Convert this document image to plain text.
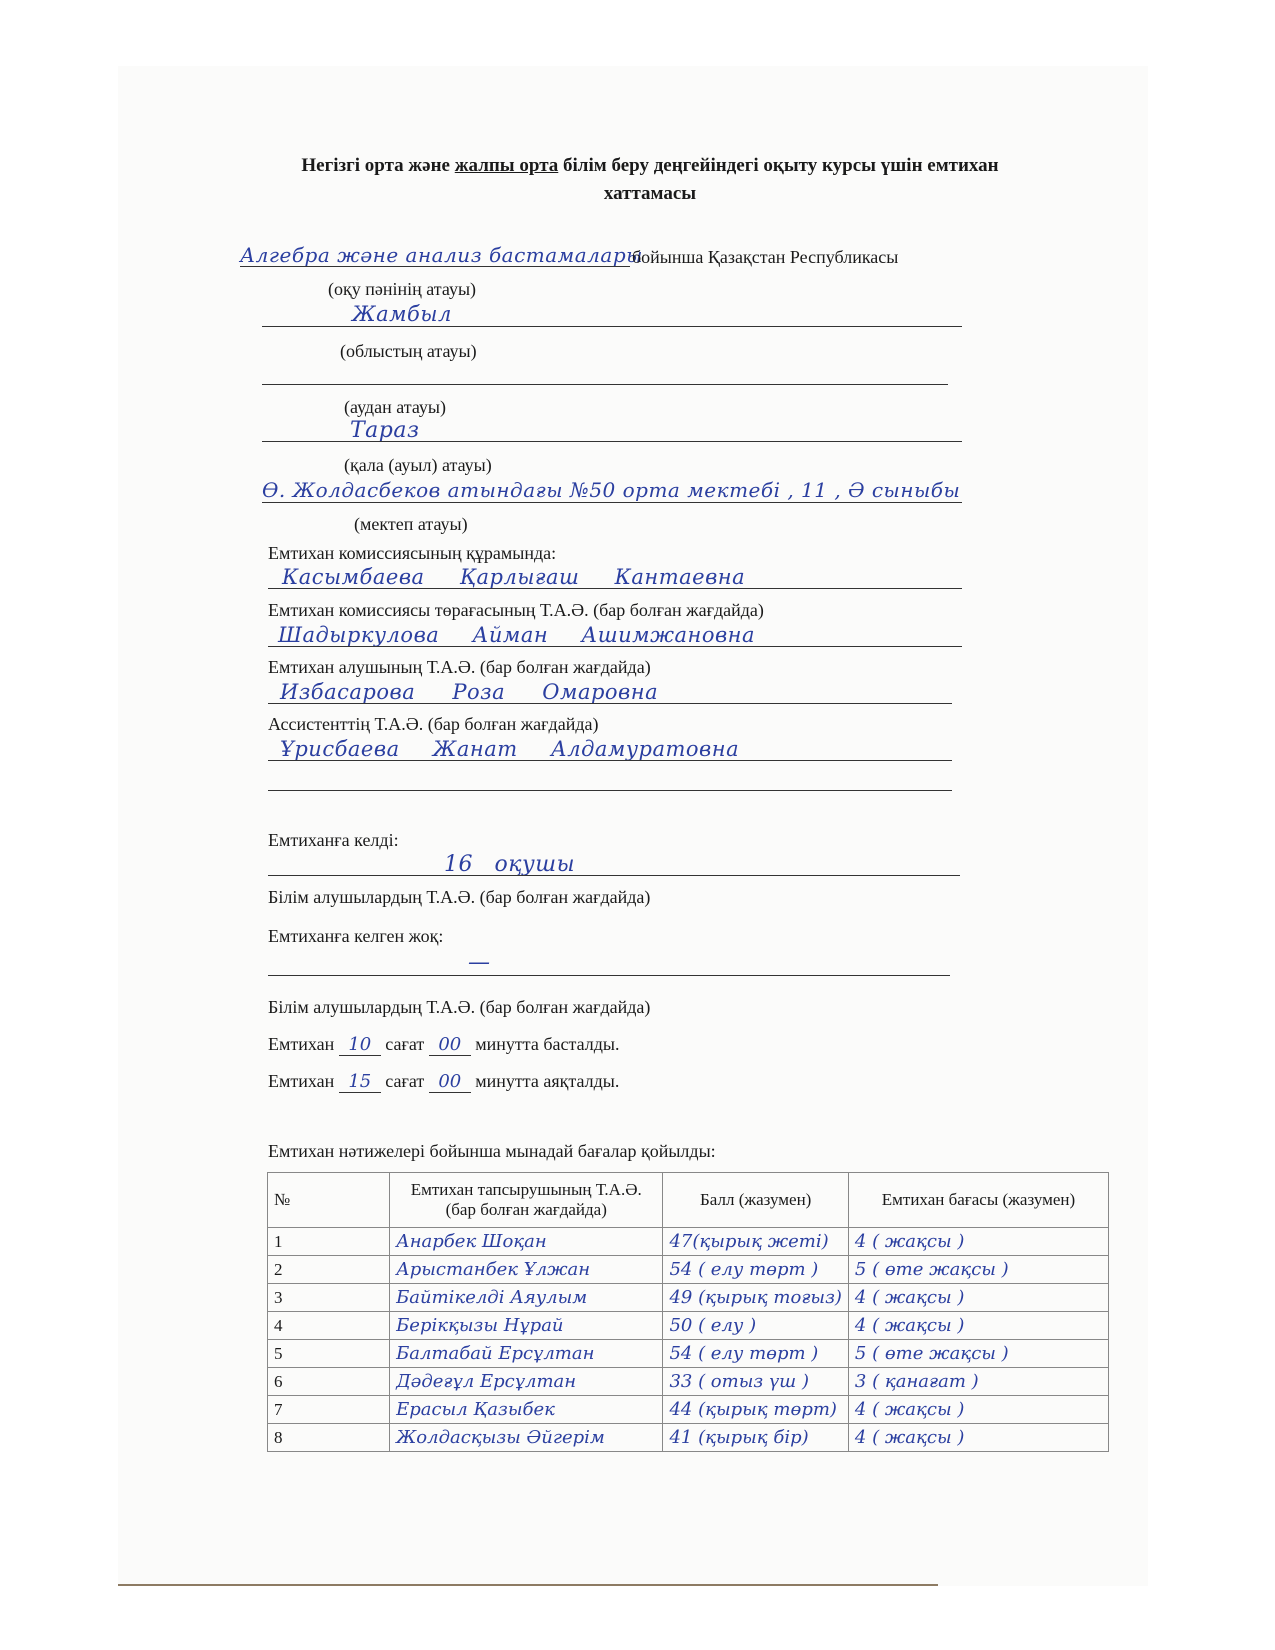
Негізгі орта және жалпы орта білім беру деңгейіндегі оқыту курсы үшін емтихан
хаттамасы
Алгебра және анализ бастамалары
бойынша Қазақстан Республикасы
(оқу пәнінің атауы)
Жамбыл
(облыстың атауы)
(аудан атауы)
Тараз
(қала (ауыл) атауы)
Ө. Жолдасбеков атындағы №50 орта мектебі , 11 , Ә сыныбы
(мектеп атауы)
Емтихан комиссиясының құрамында:
Касымбаева Қарлығаш Кантаевна
Емтихан комиссиясы төрағасының Т.А.Ә. (бар болған жағдайда)
Шадыркулова Айман Ашимжановна
Емтихан алушының Т.А.Ә. (бар болған жағдайда)
Избасарова Роза Омаровна
Ассистенттің Т.А.Ә. (бар болған жағдайда)
Ұрисбаева Жанат Алдамуратовна
Емтиханға келді:
16 оқушы
Білім алушылардың Т.А.Ә. (бар болған жағдайда)
Емтиханға келген жоқ:
—
Білім алушылардың Т.А.Ә. (бар болған жағдайда)
Емтихан 10 сағат 00 минутта басталды.
Емтихан 15 сағат 00 минутта аяқталды.
Емтихан нәтижелері бойынша мынадай бағалар қойылды:
№	Емтихан тапсырушының Т.А.Ә. (бар болған жағдайда)	Балл (жазумен)	Емтихан бағасы (жазумен)
1	Анарбек Шоқан	47(қырық жеті)	4 ( жақсы )
2	Арыстанбек Ұлжан	54 ( елу төрт )	5 ( өте жақсы )
3	Байтікелді Аяулым	49 (қырық тоғыз)	4 ( жақсы )
4	Берікқызы Нұрай	50 ( елу )	4 ( жақсы )
5	Балтабай Ерсұлтан	54 ( елу төрт )	5 ( өте жақсы )
6	Дәдеғұл Ерсұлтан	33 ( отыз үш )	3 ( қанағат )
7	Ерасыл Қазыбек	44 (қырық төрт)	4 ( жақсы )
8	Жолдасқызы Әйгерім	41 (қырық бір)	4 ( жақсы )
